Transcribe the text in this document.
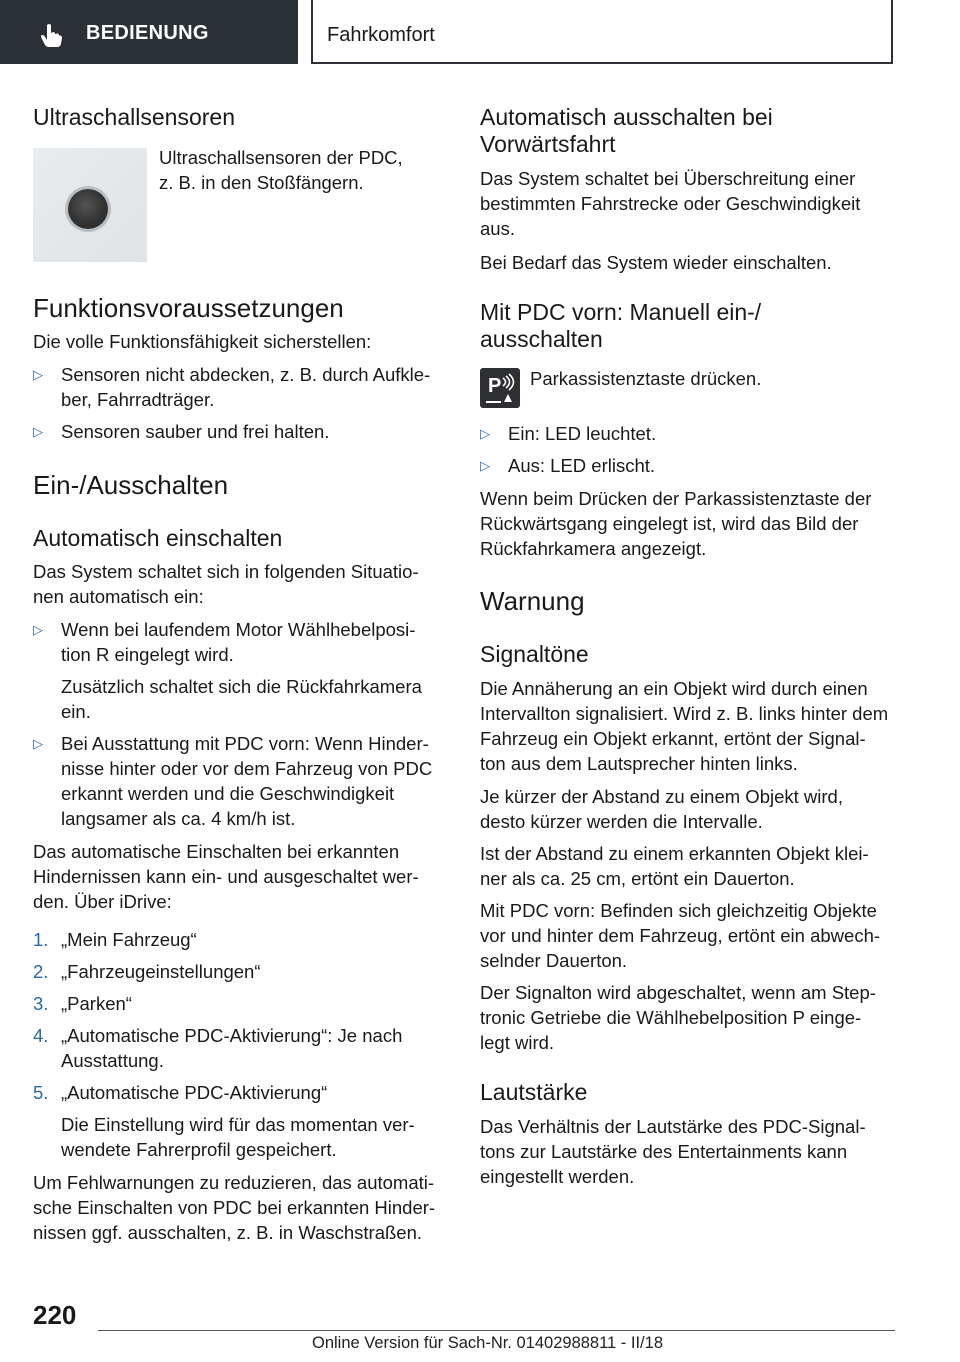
BEDIENUNG	Fahrkomfort
Ultraschallsensoren

Ultraschallsensoren der PDC,

z. B. in den Stoßfängern.

Funktionsvoraussetzungen

Die volle Funktionsfähigkeit sicherstellen:

▷ Sensoren nicht abdecken, z. B. durch Aufkle-
ber, Fahrradträger.
▷ Sensoren sauber und frei halten.
Ein-/Ausschalten
Automatisch einschalten

Das System schaltet sich in folgenden Situatio-

nen automatisch ein:

▷ Wenn bei laufendem Motor Wählhebelposi-
tion R eingelegt wird.
Zusätzlich schaltet sich die Rückfahrkamera
ein.
▷ Bei Ausstattung mit PDC vorn: Wenn Hinder-
nisse hinter oder vor dem Fahrzeug von PDC
erkannt werden und die Geschwindigkeit
langsamer als ca. 4 km/h ist.

Das automatische Einschalten bei erkannten

Hindernissen kann ein- und ausgeschaltet wer-

den. Über iDrive:

1. „Mein Fahrzeug“
2. „Fahrzeugeinstellungen“
3. „Parken“
4. „Automatische PDC-Aktivierung“: Je nach
Ausstattung.
5. „Automatische PDC-Aktivierung“
Die Einstellung wird für das momentan ver-
wendete Fahrerprofil gespeichert.

Um Fehlwarnungen zu reduzieren, das automati-

sche Einschalten von PDC bei erkannten Hinder-

nissen ggf. ausschalten, z. B. in Waschstraßen.

Automatisch ausschalten bei
Vorwärtsfahrt

Das System schaltet bei Überschreitung einer

bestimmten Fahrstrecke oder Geschwindigkeit

aus.

Bei Bedarf das System wieder einschalten.

Mit PDC vorn: Manuell ein-/
ausschalten
P Parkassistenztaste drücken.

▷ Ein: LED leuchtet.
▷ Aus: LED erlischt.

Wenn beim Drücken der Parkassistenztaste der

Rückwärtsgang eingelegt ist, wird das Bild der

Rückfahrkamera angezeigt.

Warnung
Signaltöne

Die Annäherung an ein Objekt wird durch einen

Intervallton signalisiert. Wird z. B. links hinter dem

Fahrzeug ein Objekt erkannt, ertönt der Signal-

ton aus dem Lautsprecher hinten links.

Je kürzer der Abstand zu einem Objekt wird,

desto kürzer werden die Intervalle.

Ist der Abstand zu einem erkannten Objekt klei-

ner als ca. 25 cm, ertönt ein Dauerton.

Mit PDC vorn: Befinden sich gleichzeitig Objekte

vor und hinter dem Fahrzeug, ertönt ein abwech-

selnder Dauerton.

Der Signalton wird abgeschaltet, wenn am Step-

tronic Getriebe die Wählhebelposition P einge-

legt wird.

Lautstärke

Das Verhältnis der Lautstärke des PDC-Signal-

tons zur Lautstärke des Entertainments kann

eingestellt werden.

220
Online Version für Sach-Nr. 01402988811 - II/18
